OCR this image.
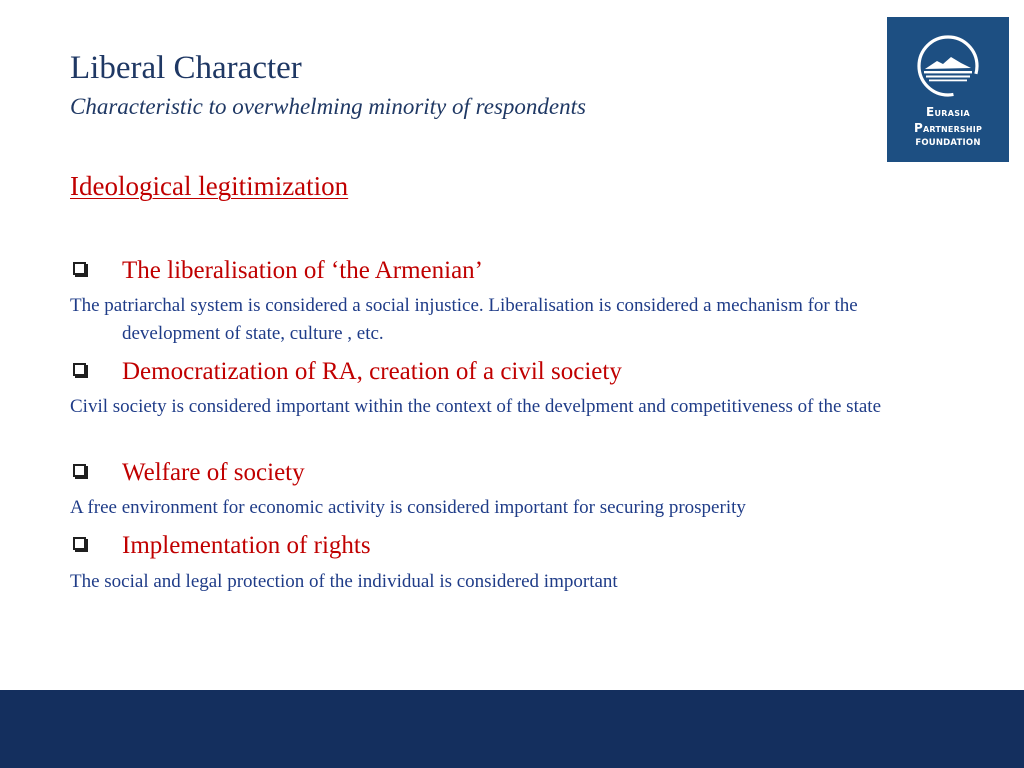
Liberal Character
Characteristic to overwhelming minority of respondents	Eurasia
Partnership
FOUNDATION
Ideological legitimization
The liberalisation of ‘the Armenian’
The patriarchal system is considered a social injustice. Liberalisation is considered a mechanism for the development of state, culture , etc.
Democratization of RA, creation of a civil society
Civil society is considered important within the context of the develpment and competitiveness of the state
Welfare of society
A free environment for economic activity is considered important for securing prosperity
Implementation of rights
The social and legal protection of the individual is considered important
